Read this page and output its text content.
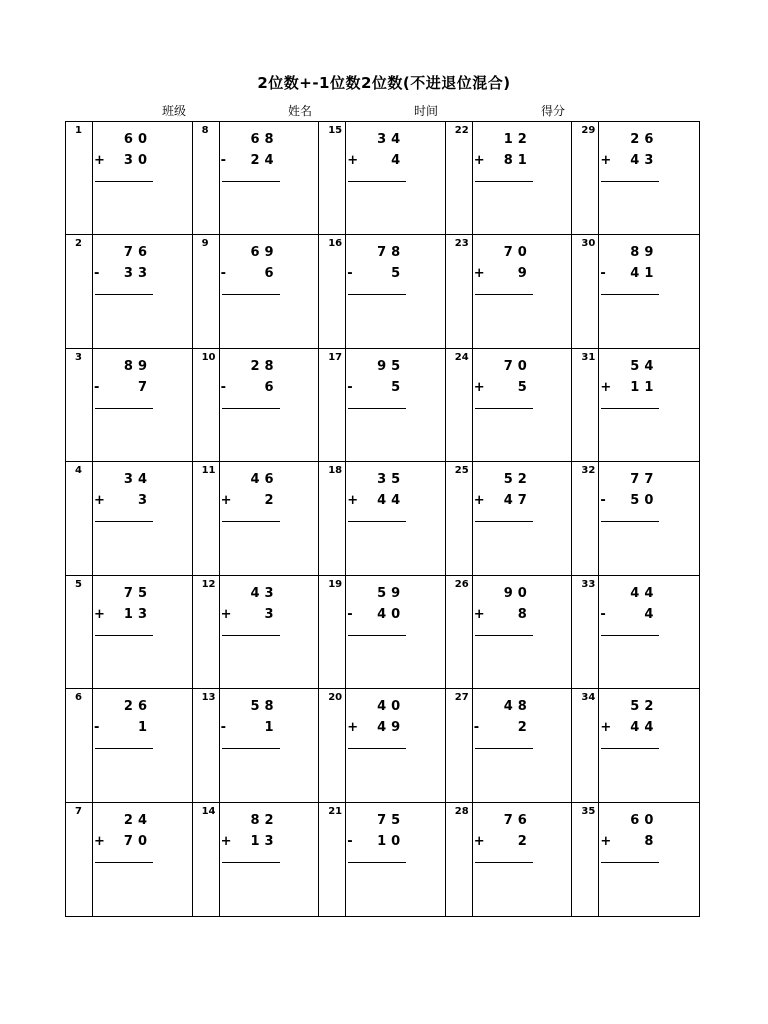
2位数+-1位数2位数(不进退位混合)
班级	姓名	时间	得分
1
60
+ 30
8
68
- 24
15
34
+	4
22
12
+ 81
29
26
+ 43
2
76
- 33
9
69
-	6
16
78
-	5
23
70
+	9
30
89
- 41
3
89
-	7
10
28
-	6
17
95
-	5
24
70
+	5
31
54
+ 11
4
34
+	3
11
46
+	2
18
35
+ 44
25
52
+ 47
32
77
- 50
5
75
+ 13
12
43
+	3
19
59
- 40
26
90
+	8
33
44
-	4
6
26
-	1
13
58
-	1
20
40
+ 49
27
48
-	2
34
52
+ 44
7
24
+ 70
14
82
+ 13
21
75
- 10
28
76
+	2
35
60
+	8
